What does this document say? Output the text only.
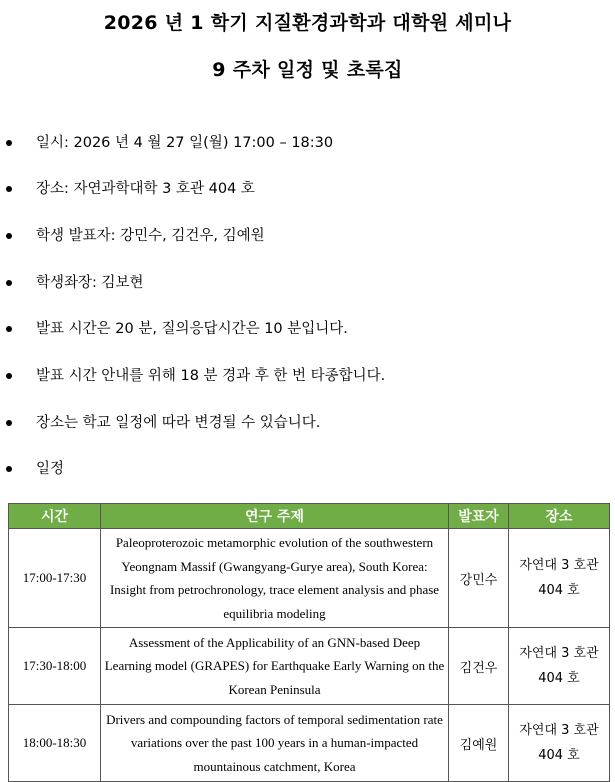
2026 년 1 학기 지질환경과학과 대학원 세미나
9 주차 일정 및 초록집
일시: 2026 년 4 월 27 일(월) 17:00 – 18:30
장소: 자연과학대학 3 호관 404 호
학생 발표자: 강민수, 김건우, 김예원
학생좌장: 김보현
발표 시간은 20 분, 질의응답시간은 10 분입니다.
발표 시간 안내를 위해 18 분 경과 후 한 번 타종합니다.
장소는 학교 일정에 따라 변경될 수 있습니다.
일정
시간	연구 주제	발표자	장소
17:00-17:30	Paleoproterozoic metamorphic evolution of the southwestern Yeongnam Massif (Gwangyang-Gurye area), South Korea: Insight from petrochronology, trace element analysis and phase equilibria modeling	강민수	자연대 3 호관
404 호

17:30-18:00	Assessment of the Applicability of an GNN-based Deep Learning model (GRAPES) for Earthquake Early Warning on the Korean Peninsula	김건우	자연대 3 호관
404 호

18:00-18:30	Drivers and compounding factors of temporal sedimentation rate variations over the past 100 years in a human-impacted mountainous catchment, Korea	김예원	자연대 3 호관
404 호
